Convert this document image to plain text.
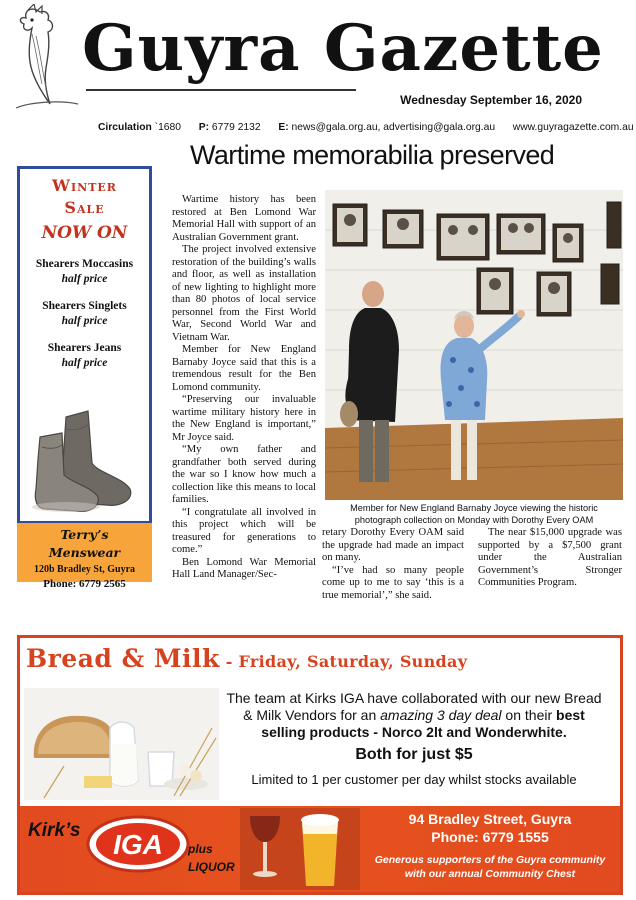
Guyra Gazette
Wednesday September 16, 2020
Circulation `1680 P: 6779 2132 E: news@gala.org.au, advertising@gala.org.au www.guyragazette.com.au
Wartime memorabilia preserved
Winter
Sale
NOW ON
Shearers Moccasins
half price
Shearers Singlets
half price
Shearers Jeans
half price
Terry’s
Menswear
120b Bradley St, Guyra
Phone: 6779 2565

Wartime history has been restored at Ben Lomond War Memorial Hall with support of an Australian Government grant.

The project involved extensive restoration of the building’s walls and floor, as well as installation of new lighting to highlight more than 80 photos of local service personnel from the First World War, Second World War and Vietnam War.

Member for New England Barnaby Joyce said that this is a tremendous result for the Ben Lomond community.

“Preserving our invaluable wartime military history here in the New England is important,” Mr Joyce said.

“My own father and grandfather both served during the war so I know how much a collection like this means to local families.

“I congratulate all involved in this project which will be treasured for generations to come.”

Ben Lomond War Memorial Hall Land Manager/Sec-

retary Dorothy Every OAM said the upgrade had made an impact on many.

“I’ve had so many people come up to me to say ‘this is a true memorial’,” she said.

The near $15,000 upgrade was supported by a $7,500 grant under the Australian Government’s Stronger Communities Program.

Member for New England Barnaby Joyce viewing the historic
photograph collection on Monday with Dorothy Every OAM
Bread & Milk - Friday, Saturday, Sunday
The team at Kirks IGA have collaborated with our new Bread & Milk Vendors for an amazing 3 day deal on their best selling products - Norco 2lt and Wonderwhite.
Both for just $5
Limited to 1 per customer per day whilst stocks available
Kirk’s IGA plus
LIQUOR
94 Bradley Street, Guyra
Phone: 6779 1555
Generous supporters of the Guyra community
with our annual Community Chest
